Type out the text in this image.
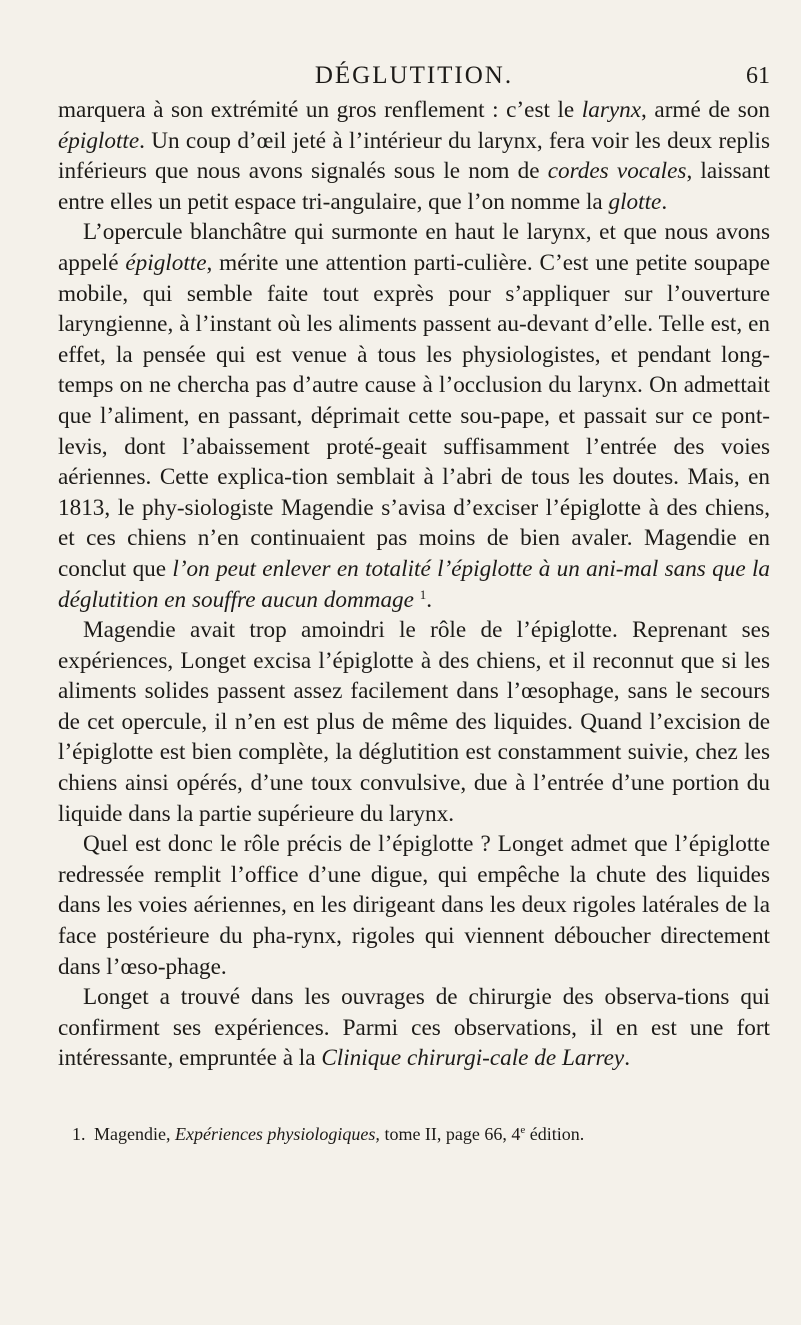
DÉGLUTITION.	61

marquera à son extrémité un gros renflement : c’est le larynx, armé de son épiglotte. Un coup d’œil jeté à l’intérieur du larynx, fera voir les deux replis inférieurs que nous avons signalés sous le nom de cordes vocales, laissant entre elles un petit espace tri-angulaire, que l’on nomme la glotte.

L’opercule blanchâtre qui surmonte en haut le larynx, et que nous avons appelé épiglotte, mérite une attention parti-culière. C’est une petite soupape mobile, qui semble faite tout exprès pour s’appliquer sur l’ouverture laryngienne, à l’instant où les aliments passent au-devant d’elle. Telle est, en effet, la pensée qui est venue à tous les physiologistes, et pendant long-temps on ne chercha pas d’autre cause à l’occlusion du larynx. On admettait que l’aliment, en passant, déprimait cette sou-pape, et passait sur ce pont-levis, dont l’abaissement proté-geait suffisamment l’entrée des voies aériennes. Cette explica-tion semblait à l’abri de tous les doutes. Mais, en 1813, le phy-siologiste Magendie s’avisa d’exciser l’épiglotte à des chiens, et ces chiens n’en continuaient pas moins de bien avaler. Magendie en conclut que l’on peut enlever en totalité l’épiglotte à un ani-mal sans que la déglutition en souffre aucun dommage $^1$.

Magendie avait trop amoindri le rôle de l’épiglotte. Reprenant ses expériences, Longet excisa l’épiglotte à des chiens, et il reconnut que si les aliments solides passent assez facilement dans l’œsophage, sans le secours de cet opercule, il n’en est plus de même des liquides. Quand l’excision de l’épiglotte est bien complète, la déglutition est constamment suivie, chez les chiens ainsi opérés, d’une toux convulsive, due à l’entrée d’une portion du liquide dans la partie supérieure du larynx.

Quel est donc le rôle précis de l’épiglotte ? Longet admet que l’épiglotte redressée remplit l’office d’une digue, qui empêche la chute des liquides dans les voies aériennes, en les dirigeant dans les deux rigoles latérales de la face postérieure du pha-rynx, rigoles qui viennent déboucher directement dans l’œso-phage.

Longet a trouvé dans les ouvrages de chirurgie des observa-tions qui confirment ses expériences. Parmi ces observations, il en est une fort intéressante, empruntée à la Clinique chirurgi-cale de Larrey.

1. Magendie, Expériences physiologiques, tome II, page 66, 4e édition.
